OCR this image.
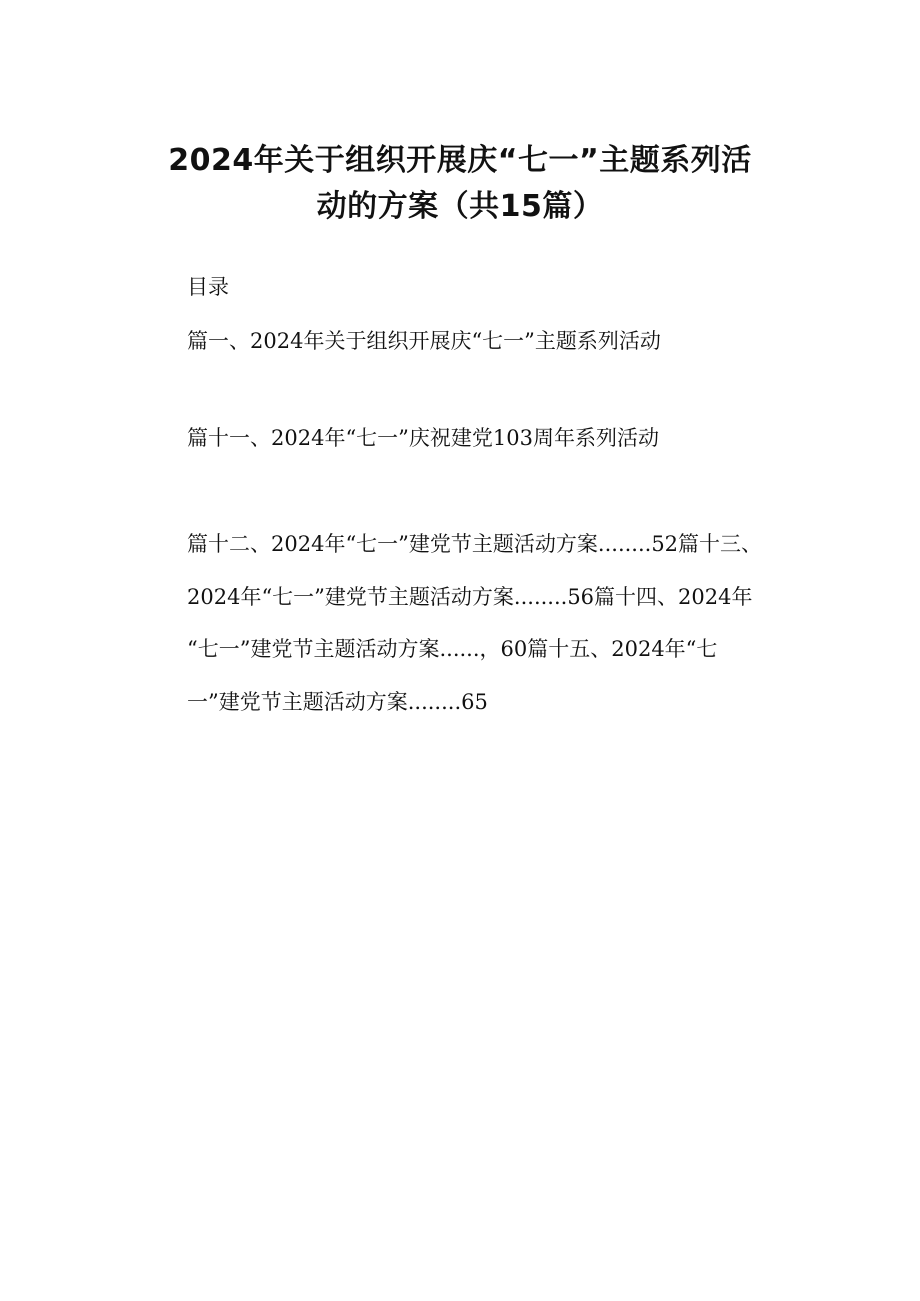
2024年关于组织开展庆“七一”主题系列活
动的方案（共15篇）
目录
篇一、2024年关于组织开展庆“七一”主题系列活动
篇十一、2024年“七一”庆祝建党103周年系列活动
篇十二、2024年“七一”建党节主题活动方案........52篇十三、
2024年“七一”建党节主题活动方案........56篇十四、2024年
“七一”建党节主题活动方案......，60篇十五、2024年“七
一”建党节主题活动方案........65
